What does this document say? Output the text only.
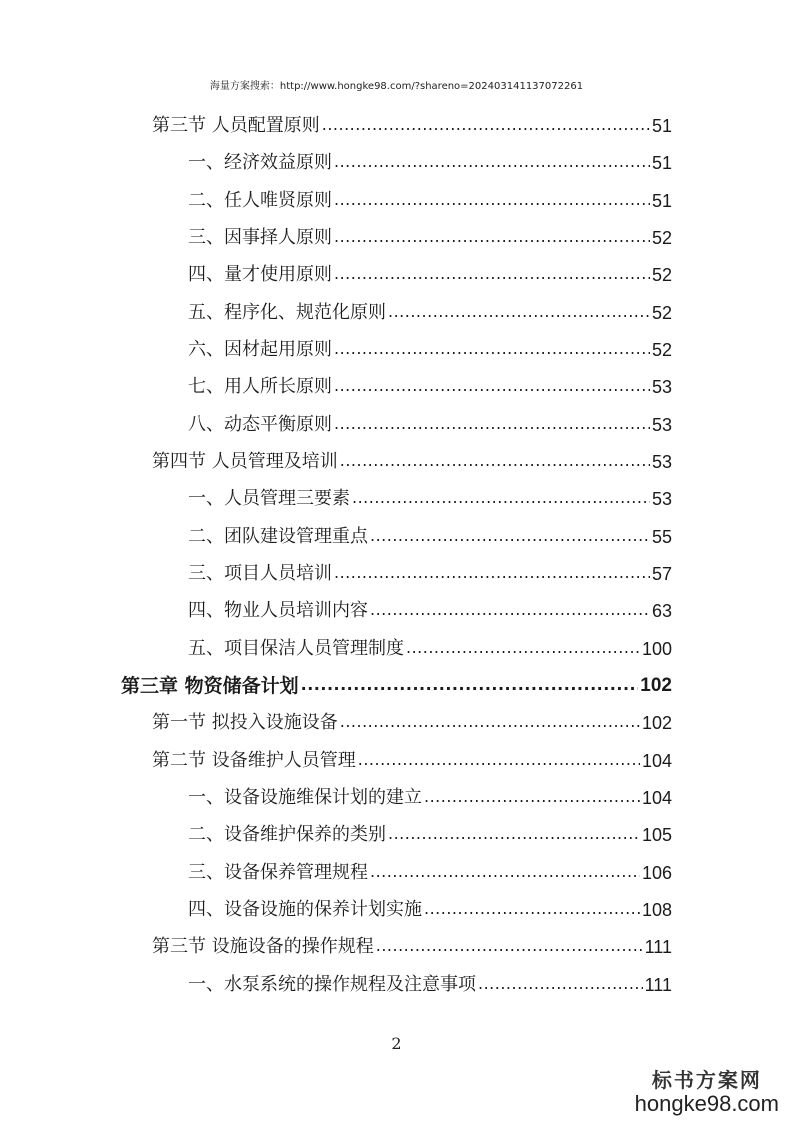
海量方案搜索：http://www.hongke98.com/?shareno=202403141137072261
第三节 人员配置原则 .....	51
一、经济效益原则 .....	51
二、任人唯贤原则 .....	51
三、因事择人原则 .....	52
四、量才使用原则 .....	52
五、程序化、规范化原则 .....	52
六、因材起用原则 .....	52
七、用人所长原则 .....	53
八、动态平衡原则 .....	53
第四节 人员管理及培训 .....	53
一、人员管理三要素 .....	53
二、团队建设管理重点 .....	55
三、项目人员培训 .....	57
四、物业人员培训内容 .....	63
五、项目保洁人员管理制度 .....	100
第三章 物资储备计划 .....	102
第一节 拟投入设施设备 .....	102
第二节 设备维护人员管理 .....	104
一、设备设施维保计划的建立 .....	104
二、设备维护保养的类别 .....	105
三、设备保养管理规程 .....	106
四、设备设施的保养计划实施 .....	108
第三节 设施设备的操作规程 .....	111
一、水泵系统的操作规程及注意事项 .....	111
2
标书方案网
hongke98.com
